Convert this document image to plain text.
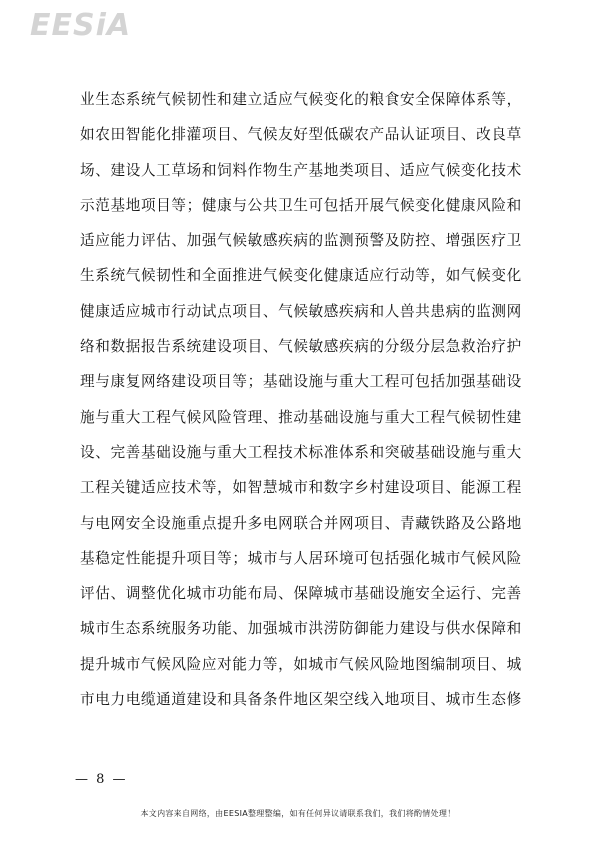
EESiA
业生态系统气候韧性和建立适应气候变化的粮食安全保障体系等，
如农田智能化排灌项目、气候友好型低碳农产品认证项目、改良草
场、建设人工草场和饲料作物生产基地类项目、适应气候变化技术
示范基地项目等；健康与公共卫生可包括开展气候变化健康风险和
适应能力评估、加强气候敏感疾病的监测预警及防控、增强医疗卫
生系统气候韧性和全面推进气候变化健康适应行动等，如气候变化
健康适应城市行动试点项目、气候敏感疾病和人兽共患病的监测网
络和数据报告系统建设项目、气候敏感疾病的分级分层急救治疗护
理与康复网络建设项目等；基础设施与重大工程可包括加强基础设
施与重大工程气候风险管理、推动基础设施与重大工程气候韧性建
设、完善基础设施与重大工程技术标准体系和突破基础设施与重大
工程关键适应技术等，如智慧城市和数字乡村建设项目、能源工程
与电网安全设施重点提升多电网联合并网项目、青藏铁路及公路地
基稳定性能提升项目等；城市与人居环境可包括强化城市气候风险
评估、调整优化城市功能布局、保障城市基础设施安全运行、完善
城市生态系统服务功能、加强城市洪涝防御能力建设与供水保障和
提升城市气候风险应对能力等，如城市气候风险地图编制项目、城
市电力电缆通道建设和具备条件地区架空线入地项目、城市生态修
— 8 —
本文内容来自网络，由EESIA整理整编，如有任何异议请联系我们，我们将酌情处理！
